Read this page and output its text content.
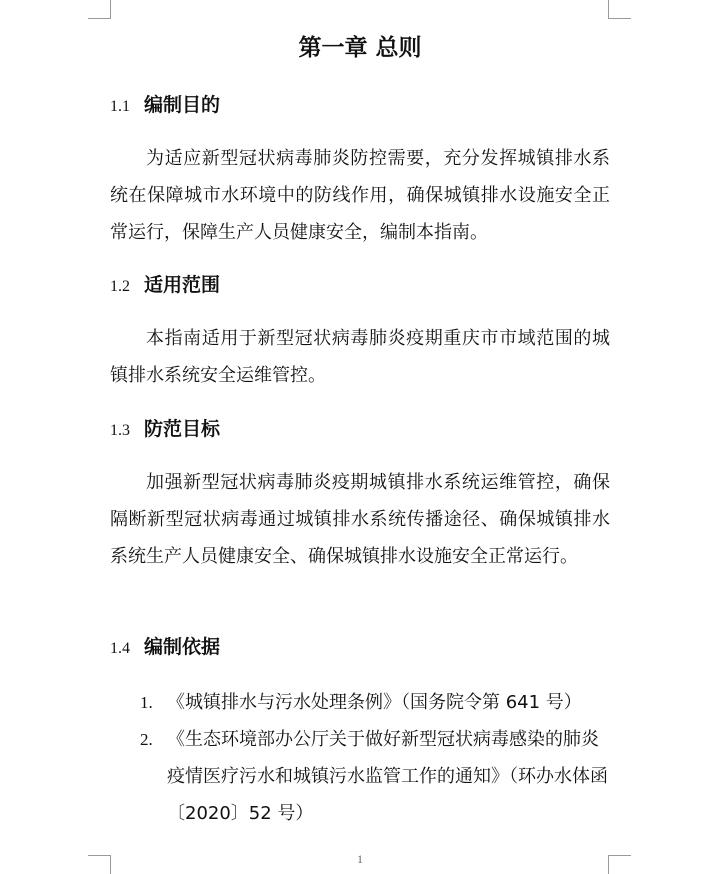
第一章 总则
1.1 编制目的

为适应新型冠状病毒肺炎防控需要，充分发挥城镇排水系统在保障城市水环境中的防线作用，确保城镇排水设施安全正常运行，保障生产人员健康安全，编制本指南。

1.2 适用范围

本指南适用于新型冠状病毒肺炎疫期重庆市市域范围的城镇排水系统安全运维管控。

1.3 防范目标

加强新型冠状病毒肺炎疫期城镇排水系统运维管控，确保隔断新型冠状病毒通过城镇排水系统传播途径、确保城镇排水系统生产人员健康安全、确保城镇排水设施安全正常运行。

1.4 编制依据
1. 《城镇排水与污水处理条例》（国务院令第 641 号）
2. 《生态环境部办公厅关于做好新型冠状病毒感染的肺炎疫情医疗污水和城镇污水监管工作的通知》（环办水体函〔2020〕52 号）
1
